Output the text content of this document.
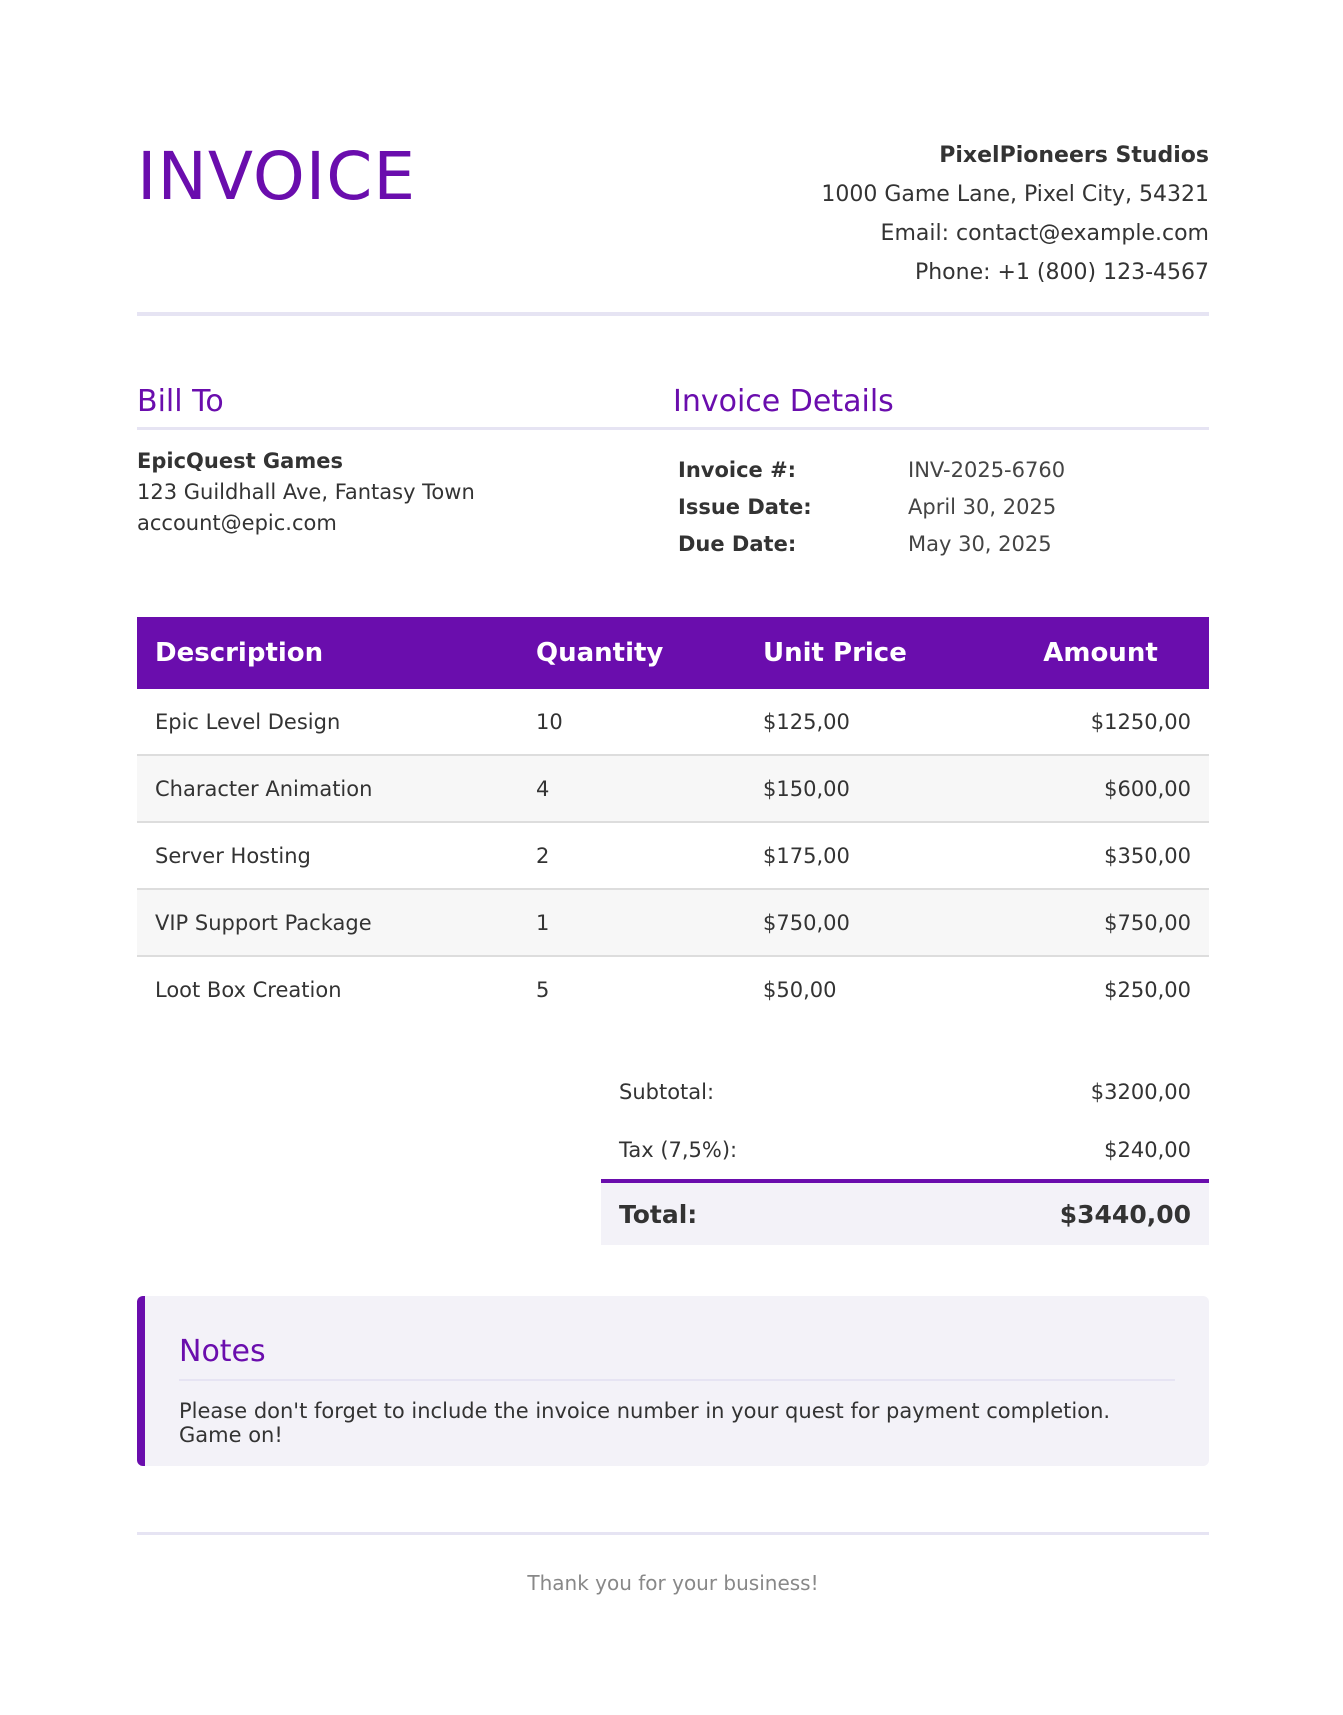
INVOICE	PixelPioneers Studios
1000 Game Lane, Pixel City, 54321
Email: contact@example.com
Phone: +1 (800) 123-4567
Bill To
EpicQuest Games
123 Guildhall Ave, Fantasy Town
account@epic.com
Invoice Details
Invoice #:	INV-2025-6760
Issue Date:	April 30, 2025
Due Date:	May 30, 2025
Description	Quantity	Unit Price	Amount
Epic Level Design	10	$125,00	$1250,00
Character Animation	4	$150,00	$600,00
Server Hosting	2	$175,00	$350,00
VIP Support Package	1	$750,00	$750,00
Loot Box Creation	5	$50,00	$250,00
Subtotal:	$3200,00
Tax (7,5%):	$240,00
Total:	$3440,00
Notes
Please don't forget to include the invoice number in your quest for payment completion. Game on!
Thank you for your business!
